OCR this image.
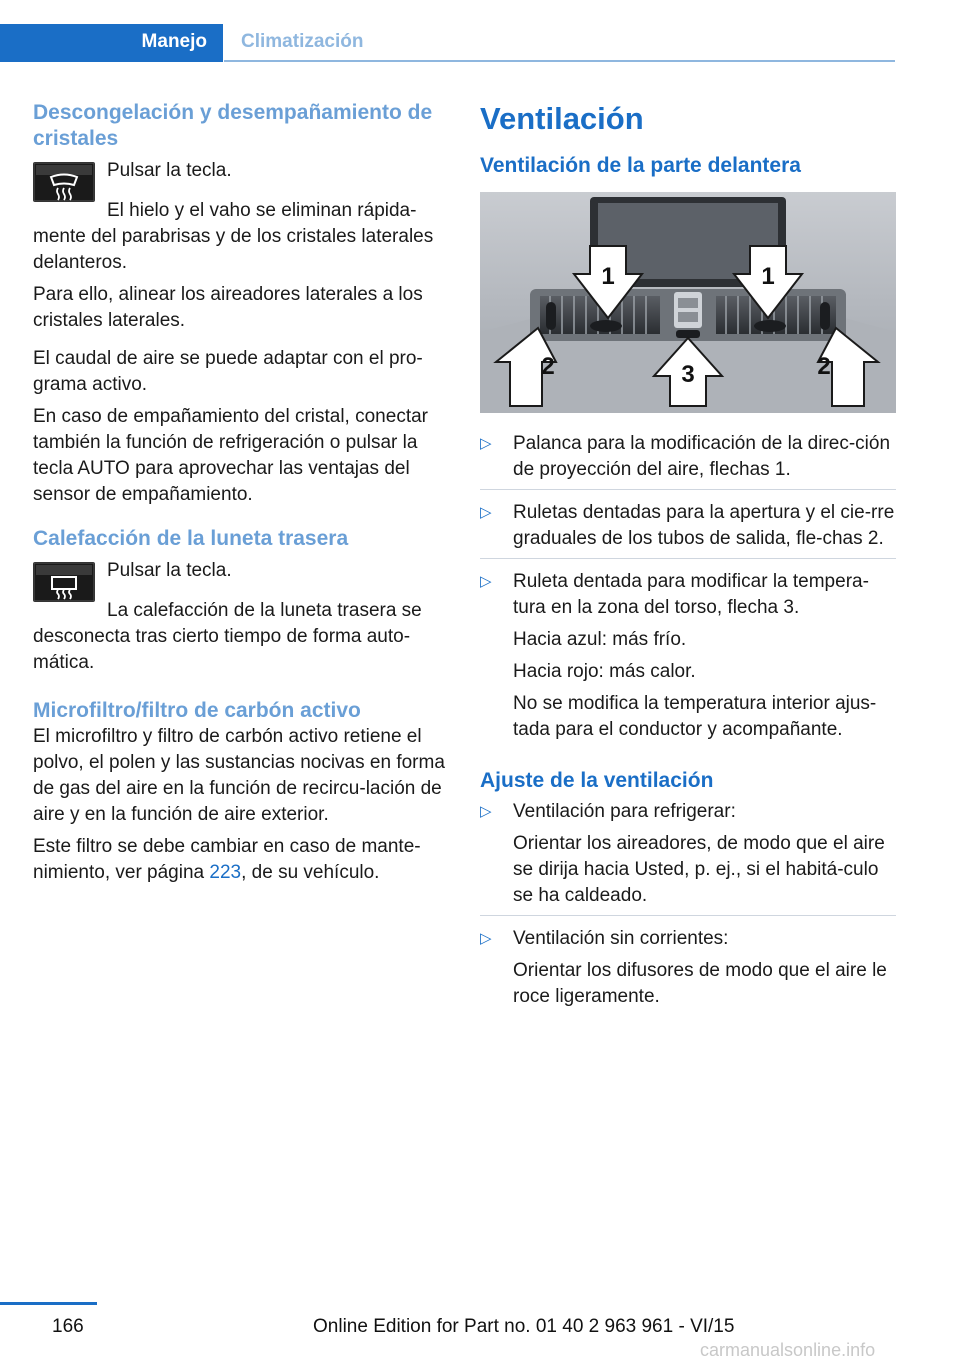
Manejo Climatización
Descongelación y desempañamiento de cristales

Pulsar la tecla.

El hielo y el vaho se eliminan rápida-mente del parabrisas y de los cristales laterales delanteros.

Para ello, alinear los aireadores laterales a los cristales laterales.

El caudal de aire se puede adaptar con el pro-grama activo.

En caso de empañamiento del cristal, conectar también la función de refrigeración o pulsar la tecla AUTO para aprovechar las ventajas del sensor de empañamiento.

Calefacción de la luneta trasera

Pulsar la tecla.

La calefacción de la luneta trasera se desconecta tras cierto tiempo de forma auto-mática.

Microfiltro/filtro de carbón activo

El microfiltro y filtro de carbón activo retiene el polvo, el polen y las sustancias nocivas en forma de gas del aire en la función de recircu-lación de aire y en la función de aire exterior.

Este filtro se debe cambiar en caso de mante-nimiento, ver página 223, de su vehículo.

Ventilación
Ventilación de la parte delantera
1	1
2	3	2
▷ Palanca para la modificación de la direc-ción de proyección del aire, flechas 1.

▷ Ruletas dentadas para la apertura y el cie-rre graduales de los tubos de salida, fle-chas 2.

▷ Ruleta dentada para modificar la tempera-tura en la zona del torso, flecha 3.

Hacia azul: más frío.

Hacia rojo: más calor.

No se modifica la temperatura interior ajus-tada para el conductor y acompañante.

Ajuste de la ventilación
▷ Ventilación para refrigerar:

Orientar los aireadores, de modo que el aire se dirija hacia Usted, p. ej., si el habitá-culo se ha caldeado.

▷ Ventilación sin corrientes:

Orientar los difusores de modo que el aire le roce ligeramente.

166	Online Edition for Part no. 01 40 2 963 961 - VI/15
carmanualsonline.info
